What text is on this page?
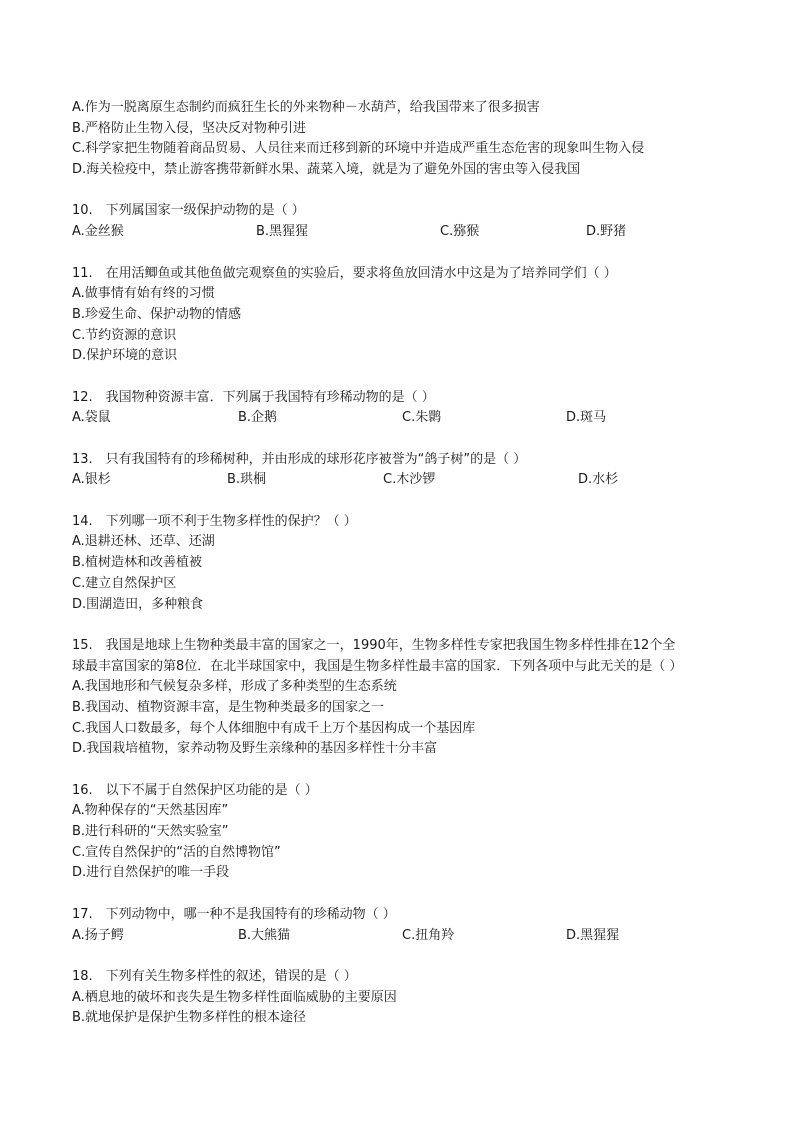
A.作为一脱离原生态制约而疯狂生长的外来物种－水葫芦，给我国带来了很多损害
B.严格防止生物入侵，坚决反对物种引进
C.科学家把生物随着商品贸易、人员往来而迁移到新的环境中并造成严重生态危害的现象叫生物入侵
D.海关检疫中，禁止游客携带新鲜水果、蔬菜入境，就是为了避免外国的害虫等入侵我国
10.　下列属国家一级保护动物的是（ ）
A.金丝猴	B.黑猩猩	C.猕猴	D.野猪
11.　在用活鲫鱼或其他鱼做完观察鱼的实验后，要求将鱼放回清水中这是为了培养同学们（ ）
A.做事情有始有终的习惯
B.珍爱生命、保护动物的情感
C.节约资源的意识
D.保护环境的意识
12.　我国物种资源丰富．下列属于我国特有珍稀动物的是（ ）
A.袋鼠	B.企鹅	C.朱鹮	D.斑马
13.　只有我国特有的珍稀树种，并由形成的球形花序被誉为“鸽子树”的是（ ）
A.银杉	B.珙桐	C.木沙锣	D.水杉
14.　下列哪一项不利于生物多样性的保护？（ ）
A.退耕还林、还草、还湖
B.植树造林和改善植被
C.建立自然保护区
D.围湖造田，多种粮食
15.　我国是地球上生物种类最丰富的国家之一，1990年，生物多样性专家把我国生物多样性排在12个全
球最丰富国家的第8位．在北半球国家中，我国是生物多样性最丰富的国家．下列各项中与此无关的是（ ）
A.我国地形和气候复杂多样，形成了多种类型的生态系统
B.我国动、植物资源丰富，是生物种类最多的国家之一
C.我国人口数最多，每个人体细胞中有成千上万个基因构成一个基因库
D.我国栽培植物，家养动物及野生亲缘种的基因多样性十分丰富
16.　以下不属于自然保护区功能的是（ ）
A.物种保存的“天然基因库”
B.进行科研的“天然实验室”
C.宣传自然保护的“活的自然博物馆”
D.进行自然保护的唯一手段
17.　下列动物中，哪一种不是我国特有的珍稀动物（ ）
A.扬子鳄	B.大熊猫	C.扭角羚	D.黑猩猩
18.　下列有关生物多样性的叙述，错误的是（ ）
A.栖息地的破坏和丧失是生物多样性面临威胁的主要原因
B.就地保护是保护生物多样性的根本途径
